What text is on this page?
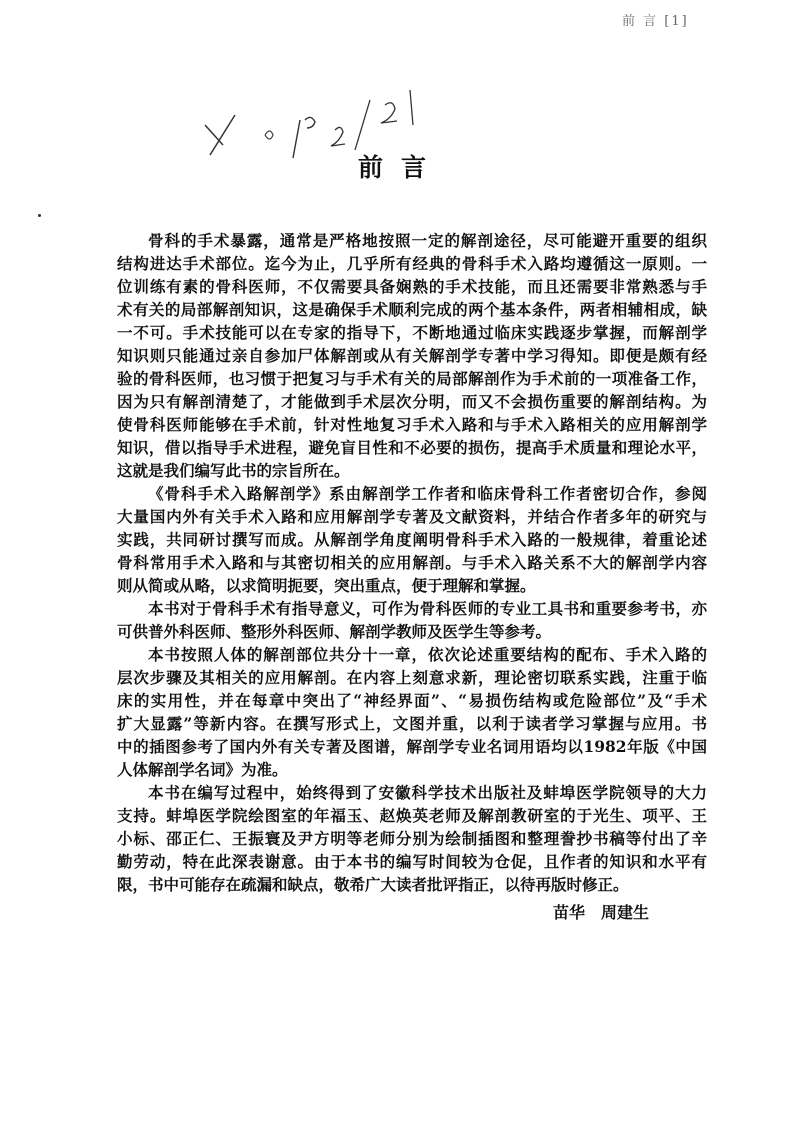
前 言 [1]
前言
骨科的手术暴露，通常是严格地按照一定的解剖途径，尽可能避开重要的组织
结构进达手术部位。迄今为止，几乎所有经典的骨科手术入路均遵循这一原则。一
位训练有素的骨科医师，不仅需要具备娴熟的手术技能，而且还需要非常熟悉与手
术有关的局部解剖知识，这是确保手术顺利完成的两个基本条件，两者相辅相成，缺
一不可。手术技能可以在专家的指导下，不断地通过临床实践逐步掌握，而解剖学
知识则只能通过亲自参加尸体解剖或从有关解剖学专著中学习得知。即便是颇有经
验的骨科医师，也习惯于把复习与手术有关的局部解剖作为手术前的一项准备工作，
因为只有解剖清楚了，才能做到手术层次分明，而又不会损伤重要的解剖结构。为
使骨科医师能够在手术前，针对性地复习手术入路和与手术入路相关的应用解剖学
知识，借以指导手术进程，避免盲目性和不必要的损伤，提高手术质量和理论水平，
这就是我们编写此书的宗旨所在。
《骨科手术入路解剖学》系由解剖学工作者和临床骨科工作者密切合作，参阅
大量国内外有关手术入路和应用解剖学专著及文献资料，并结合作者多年的研究与
实践，共同研讨撰写而成。从解剖学角度阐明骨科手术入路的一般规律，着重论述
骨科常用手术入路和与其密切相关的应用解剖。与手术入路关系不大的解剖学内容
则从简或从略，以求简明扼要，突出重点，便于理解和掌握。
本书对于骨科手术有指导意义，可作为骨科医师的专业工具书和重要参考书，亦
可供普外科医师、整形外科医师、解剖学教师及医学生等参考。
本书按照人体的解剖部位共分十一章，依次论述重要结构的配布、手术入路的
层次步骤及其相关的应用解剖。在内容上刻意求新，理论密切联系实践，注重于临
床的实用性，并在每章中突出了“神经界面”、“易损伤结构或危险部位”及“手术
扩大显露”等新内容。在撰写形式上，文图并重，以利于读者学习掌握与应用。书
中的插图参考了国内外有关专著及图谱，解剖学专业名词用语均以1982年版《中国
人体解剖学名词》为准。
本书在编写过程中，始终得到了安徽科学技术出版社及蚌埠医学院领导的大力
支持。蚌埠医学院绘图室的年福玉、赵焕英老师及解剖教研室的于光生、项平、王
小标、邵正仁、王振寰及尹方明等老师分别为绘制插图和整理誊抄书稿等付出了辛
勤劳动，特在此深表谢意。由于本书的编写时间较为仓促，且作者的知识和水平有
限，书中可能存在疏漏和缺点，敬希广大读者批评指正，以待再版时修正。
苗华　周建生
